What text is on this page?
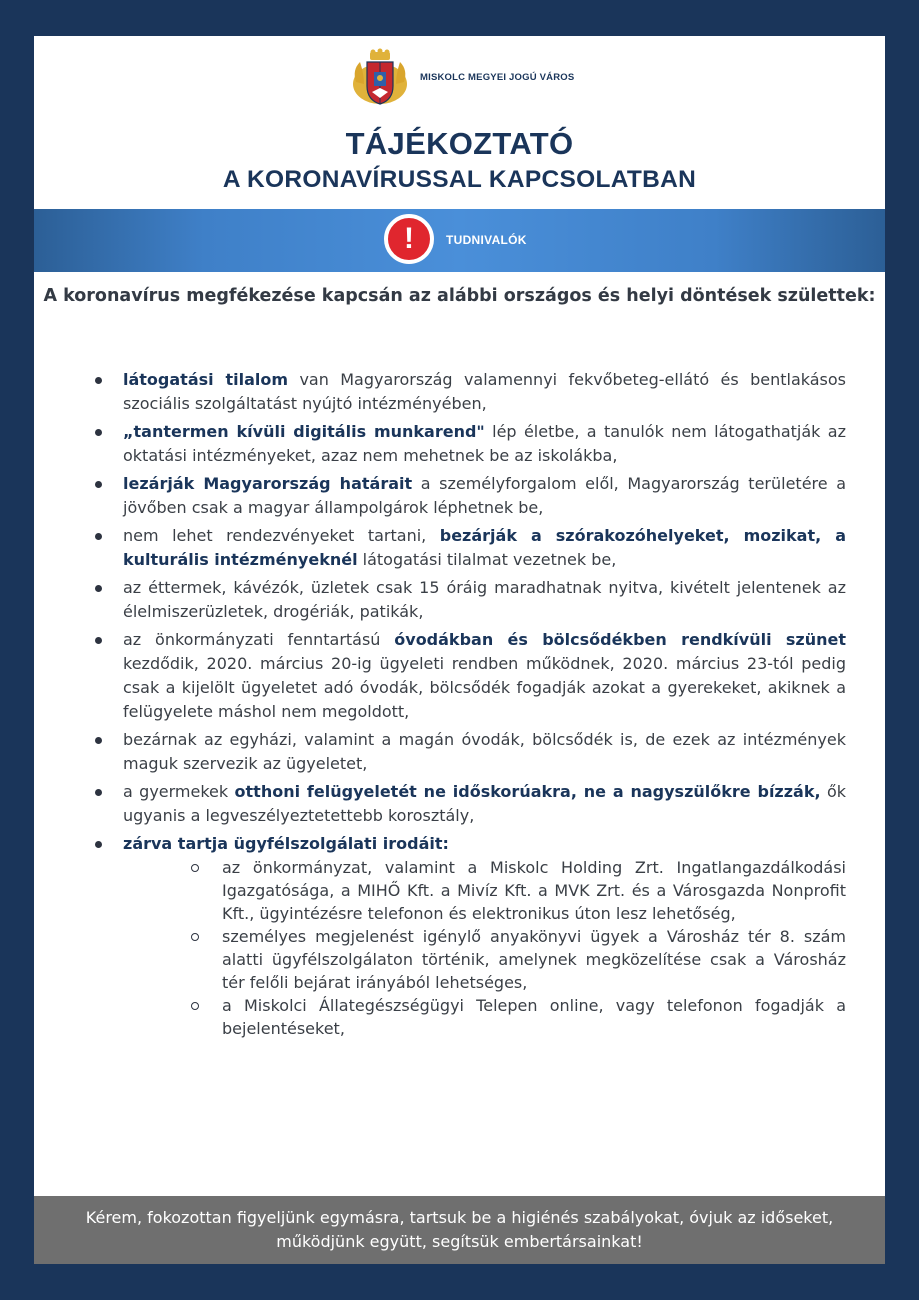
MISKOLC MEGYEI JOGÚ VÁROS
TÁJÉKOZTATÓ
A KORONAVÍRUSSAL KAPCSOLATBAN
!	TUDNIVALÓK
A koronavírus megfékezése kapcsán az alábbi országos és helyi döntések születtek:
látogatási tilalom van Magyarország valamennyi fekvőbeteg-ellátó és bentlakásos szociális szolgáltatást nyújtó intézményében,
„tantermen kívüli digitális munkarend" lép életbe, a tanulók nem látogathatják az oktatási intézményeket, azaz nem mehetnek be az iskolákba,
lezárják Magyarország határait a személyforgalom elől, Magyarország területére a jövőben csak a magyar állampolgárok léphetnek be,
nem lehet rendezvényeket tartani, bezárják a szórakozóhelyeket, mozikat, a kulturális intézményeknél látogatási tilalmat vezetnek be,
az éttermek, kávézók, üzletek csak 15 óráig maradhatnak nyitva, kivételt jelentenek az élelmiszerüzletek, drogériák, patikák,
az önkormányzati fenntartású óvodákban és bölcsődékben rendkívüli szünet kezdődik, 2020. március 20-ig ügyeleti rendben működnek, 2020. március 23-tól pedig csak a kijelölt ügyeletet adó óvodák, bölcsődék fogadják azokat a gyerekeket, akiknek a felügyelete máshol nem megoldott,
bezárnak az egyházi, valamint a magán óvodák, bölcsődék is, de ezek az intézmények maguk szervezik az ügyeletet,
a gyermekek otthoni felügyeletét ne időskorúakra, ne a nagyszülőkre bízzák, ők ugyanis a legveszélyeztetettebb korosztály,
zárva tartja ügyfélszolgálati irodáit:
az önkormányzat, valamint a Miskolc Holding Zrt. Ingatlangazdálkodási Igazgatósága, a MIHŐ Kft. a Mivíz Kft. a MVK Zrt. és a Városgazda Nonprofit Kft., ügyintézésre telefonon és elektronikus úton lesz lehetőség,
személyes megjelenést igénylő anyakönyvi ügyek a Városház tér 8. szám alatti ügyfélszolgálaton történik, amelynek megközelítése csak a Városház tér felőli bejárat irányából lehetséges,
a Miskolci Állategészségügyi Telepen online, vagy telefonon fogadják a bejelentéseket,
Kérem, fokozottan figyeljünk egymásra, tartsuk be a higiénés szabályokat, óvjuk az időseket,
működjünk együtt, segítsük embertársainkat!
